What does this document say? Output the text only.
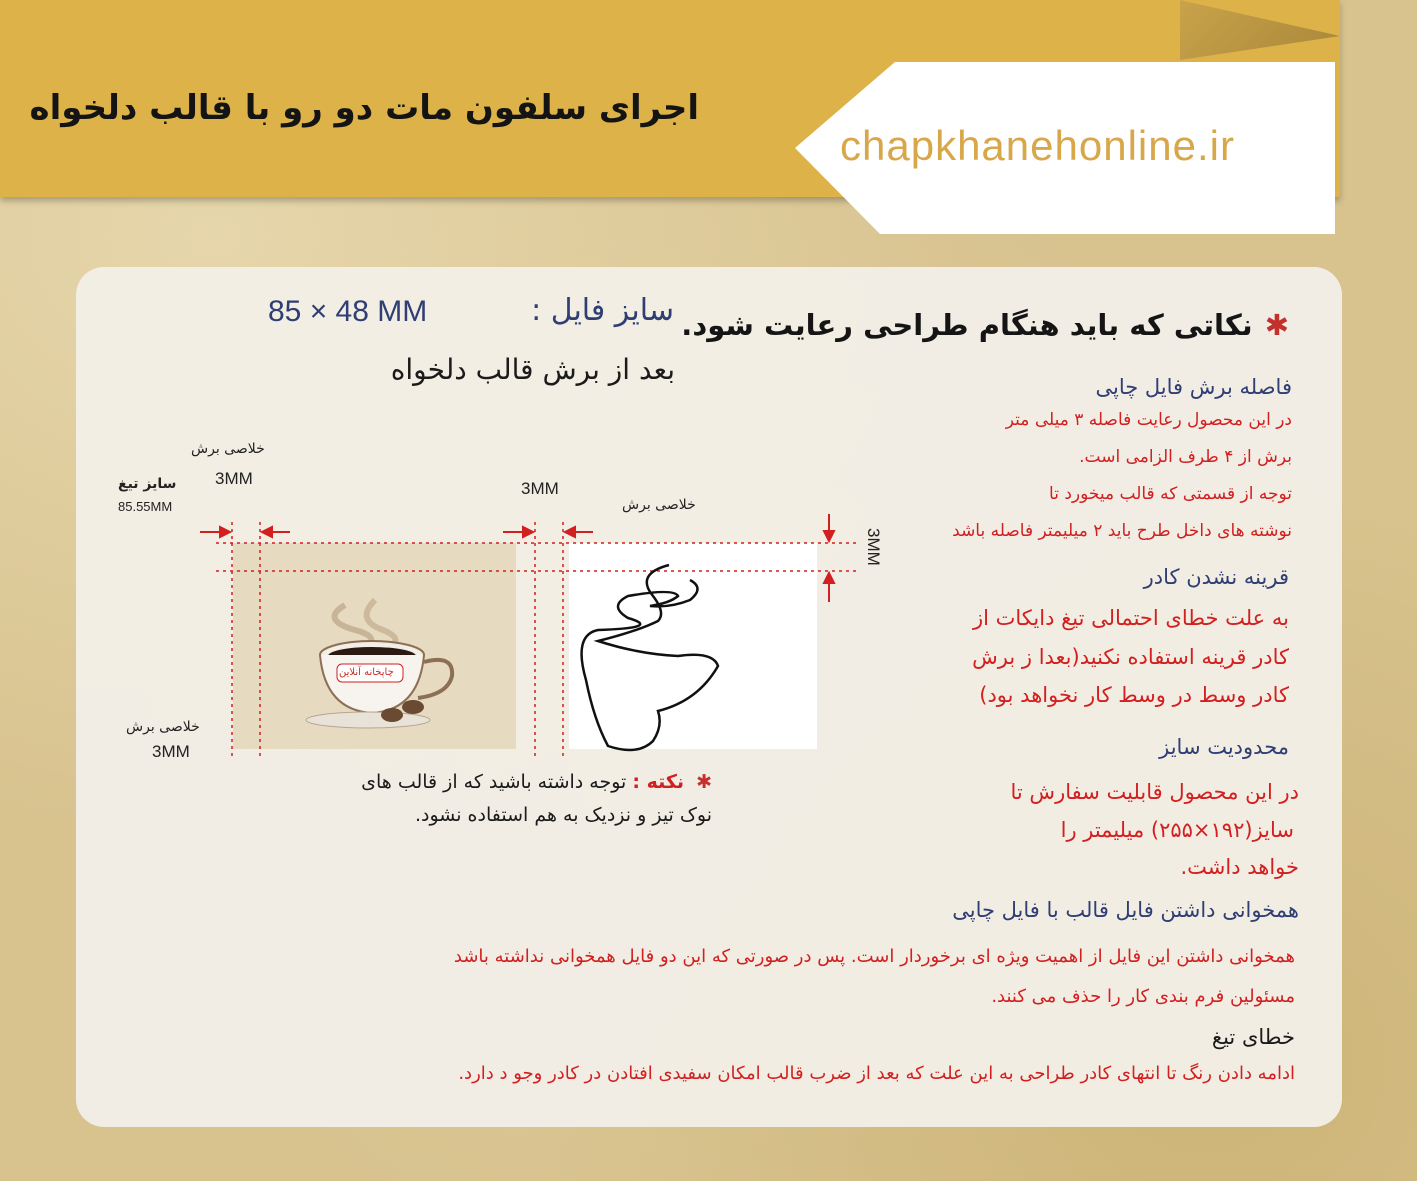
اجرای سلفون مات دو رو با قالب دلخواه
chapkhanehonline.ir
سایز فایل :
85 × 48 MM
بعد از برش قالب دلخواه
خلاصی برش
3MM
سایز تیغ
85.55MM
3MM
خلاصی برش
3MM
خلاصی برش
3MM
چاپخانه آنلاین
✱نکته : توجه داشته باشید که از قالب های
نوک تیز و نزدیک به هم استفاده نشود.
✱نکاتی که باید هنگام طراحی رعایت شود.
فاصله برش فایل چاپی
در این محصول رعایت فاصله ۳ میلی متر
برش از ۴ طرف الزامی است.
توجه از قسمتی که قالب میخورد تا
نوشته های داخل طرح باید ۲ میلیمتر فاصله باشد
قرینه نشدن کادر
به علت خطای احتمالی تیغ دایکات از
کادر قرینه استفاده نکنید(بعدا ز برش
کادر وسط در وسط کار نخواهد بود)
محدودیت سایز
در این محصول قابلیت سفارش تا
سایز(۱۹۲×۲۵۵) میلیمتر را
خواهد داشت.
همخوانی داشتن فایل قالب با فایل چاپی
همخوانی داشتن این فایل از اهمیت ویژه ای برخوردار است. پس در صورتی که این دو فایل همخوانی نداشته باشد
مسئولین فرم بندی کار را حذف می کنند.
خطای تیغ
ادامه دادن رنگ تا انتهای کادر طراحی به این علت که بعد از ضرب قالب امکان سفیدی افتادن در کادر وجو د دارد.
